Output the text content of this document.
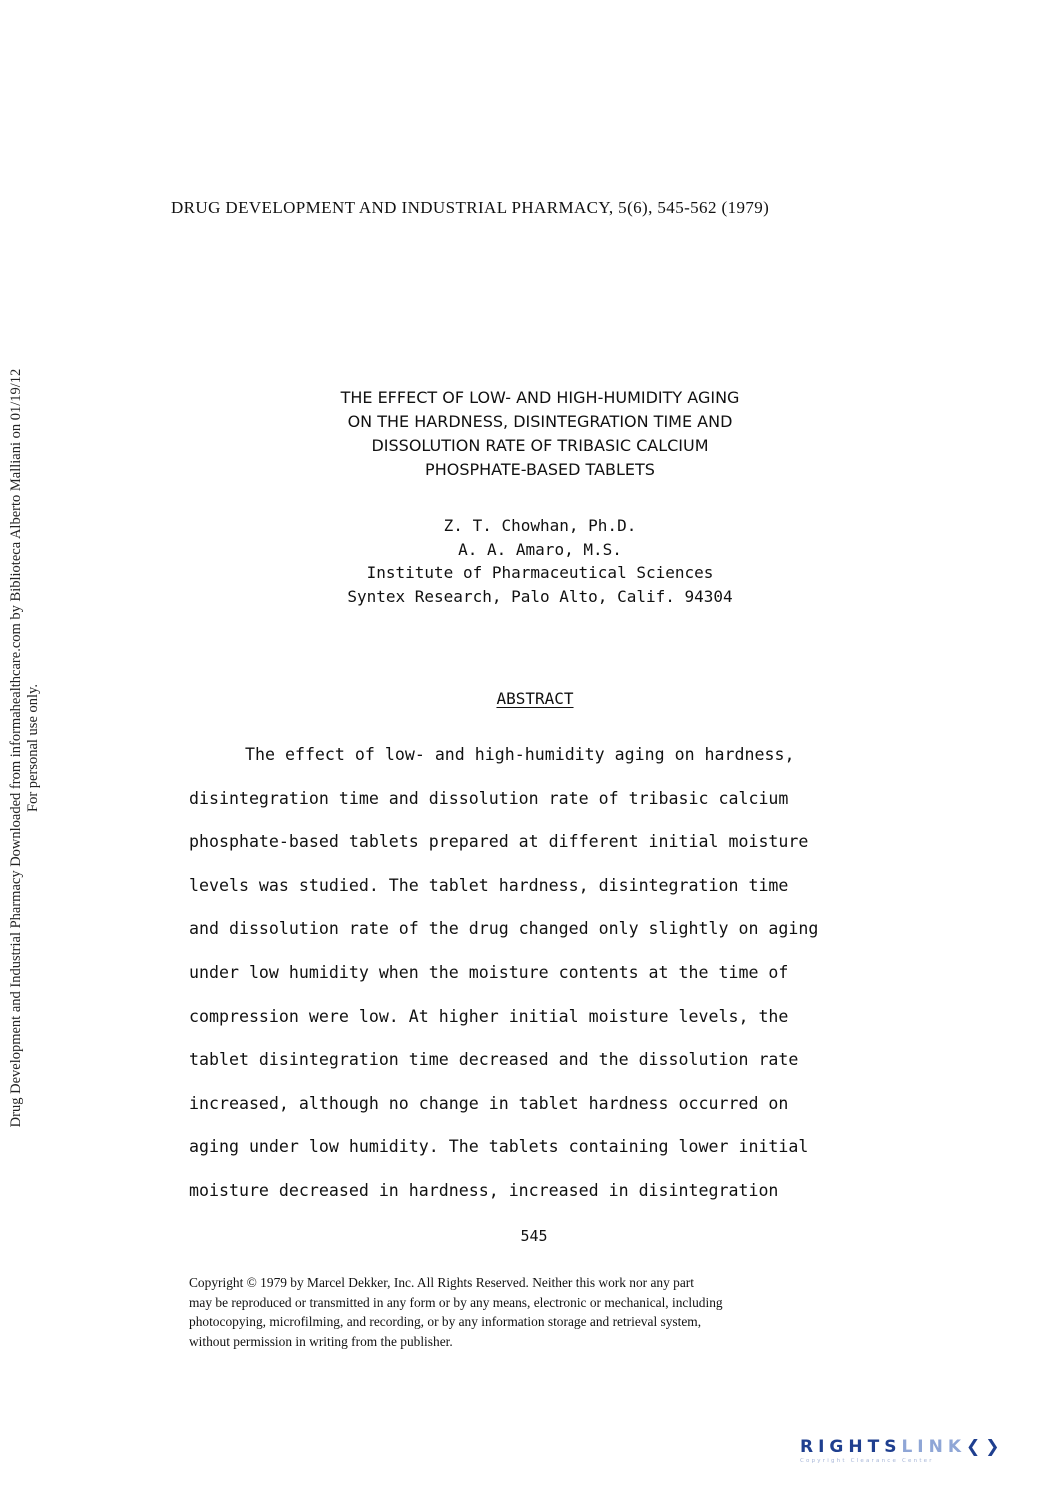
DRUG DEVELOPMENT AND INDUSTRIAL PHARMACY, 5(6), 545-562 (1979)
Drug Development and Industrial Pharmacy Downloaded from informahealthcare.com by Biblioteca Alberto Malliani on 01/19/12 For personal use only.
THE EFFECT OF LOW- AND HIGH-HUMIDITY AGING
ON THE HARDNESS, DISINTEGRATION TIME AND
DISSOLUTION RATE OF TRIBASIC CALCIUM
PHOSPHATE-BASED TABLETS
Z. T. Chowhan, Ph.D.
A. A. Amaro, M.S.
Institute of Pharmaceutical Sciences
Syntex Research, Palo Alto, Calif. 94304
ABSTRACT
The effect of low- and high-humidity aging on hardness,
disintegration time and dissolution rate of tribasic calcium
phosphate-based tablets prepared at different initial moisture
levels was studied. The tablet hardness, disintegration time
and dissolution rate of the drug changed only slightly on aging
under low humidity when the moisture contents at the time of
compression were low. At higher initial moisture levels, the
tablet disintegration time decreased and the dissolution rate
increased, although no change in tablet hardness occurred on
aging under low humidity. The tablets containing lower initial
moisture decreased in hardness, increased in disintegration
545
Copyright © 1979 by Marcel Dekker, Inc. All Rights Reserved. Neither this work nor any part
may be reproduced or transmitted in any form or by any means, electronic or mechanical, including
photocopying, microfilming, and recording, or by any information storage and retrieval system,
without permission in writing from the publisher.
RIGHTSLINK❮❯
Copyright Clearance Center
